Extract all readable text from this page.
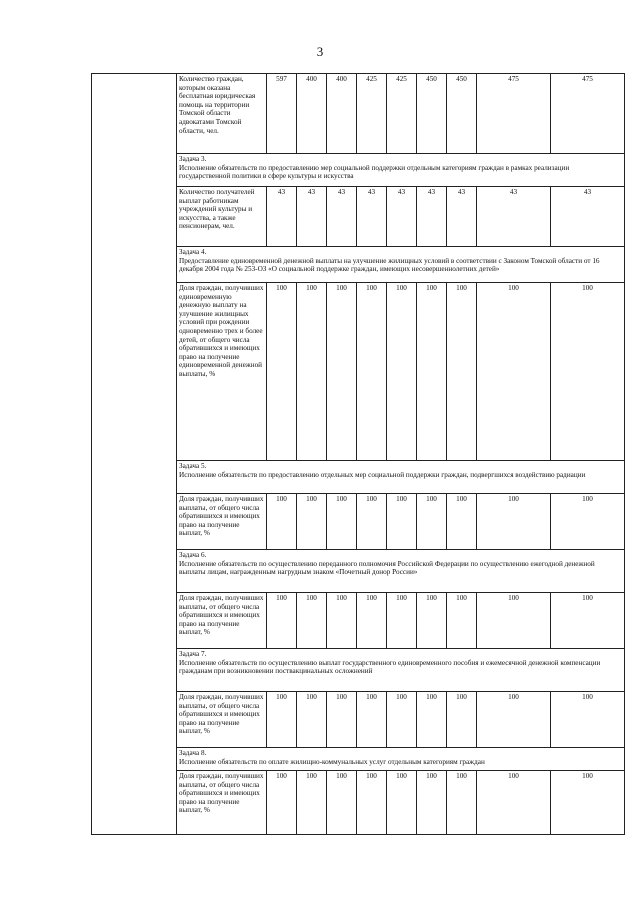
3
	Количество граждан, которым оказана бесплатная юридическая помощь на территории Томской области адвокатами Томской области, чел.	597	400	400	425	425	450	450	475	475

	Задача 3.
Исполнение обязательств по предоставлению мер социальной поддержки отдельным категориям граждан в рамках реализации государственной политики в сфере культуры и искусства									

	Количество получателей выплат работникам учреждений культуры и искусства, а также пенсионерам, чел.	43	43	43	43	43	43	43	43	43

	Задача 4.
Предоставление единовременной денежной выплаты на улучшение жилищных условий в соответствии с Законом Томской области от 16 декабря 2004 года № 253-ОЗ «О социальной поддержке граждан, имеющих несовершеннолетних детей»									

	Доля граждан, получивших единовременную денежную выплату на улучшение жилищных условий при рождении одновременно трех и более детей, от общего числа обратившихся и имеющих право на получение единовременной денежной выплаты, %	100	100	100	100	100	100	100	100	100

	Задача 5.
Исполнение обязательств по предоставлению отдельных мер социальной поддержки граждан, подвергшихся воздействию радиации									

	Доля граждан, получивших выплаты, от общего числа обратившихся и имеющих право на получение выплат, %	100	100	100	100	100	100	100	100	100

	Задача 6.
Исполнение обязательств по осуществлению переданного полномочия Российской Федерации по осуществлению ежегодной денежной выплаты лицам, награжденным нагрудным знаком «Почетный донор России»									

	Доля граждан, получивших выплаты, от общего числа обратившихся и имеющих право на получение выплат, %	100	100	100	100	100	100	100	100	100

	Задача 7.
Исполнение обязательств по осуществлению выплат государственного единовременного пособия и ежемесячной денежной компенсации гражданам при возникновении поствакцинальных осложнений									

	Доля граждан, получивших выплаты, от общего числа обратившихся и имеющих право на получение выплат, %	100	100	100	100	100	100	100	100	100

	Задача 8.
Исполнение обязательств по оплате жилищно-коммунальных услуг отдельным категориям граждан									

	Доля граждан, получивших выплаты, от общего числа обратившихся и имеющих право на получение выплат, %	100	100	100	100	100	100	100	100	100
